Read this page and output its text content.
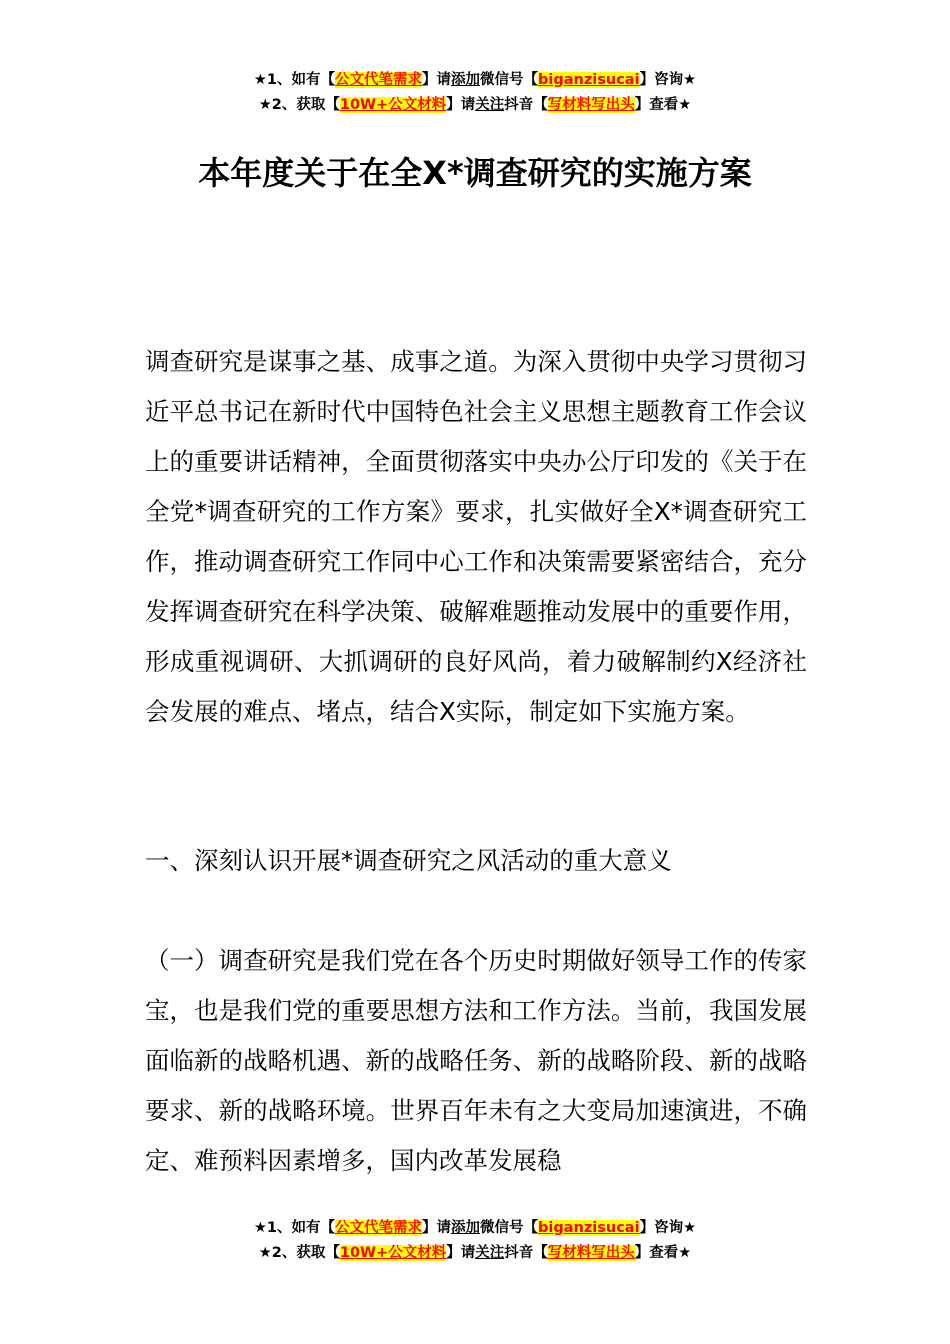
★1、如有【公文代笔需求】请添加微信号【biganzisucai】咨询★
★2、获取【10W+公文材料】请关注抖音【写材料写出头】查看★
本年度关于在全X*调查研究的实施方案

调查研究是谋事之基、成事之道。为深入贯彻中央学习贯彻习近平总书记在新时代中国特色社会主义思想主题教育工作会议上的重要讲话精神，全面贯彻落实中央办公厅印发的《关于在全党*调查研究的工作方案》要求，扎实做好全X*调查研究工作，推动调查研究工作同中心工作和决策需要紧密结合，充分发挥调查研究在科学决策、破解难题推动发展中的重要作用，形成重视调研、大抓调研的良好风尚，着力破解制约X经济社会发展的难点、堵点，结合X实际，制定如下实施方案。

一、深刻认识开展*调查研究之风活动的重大意义

（一）调查研究是我们党在各个历史时期做好领导工作的传家宝，也是我们党的重要思想方法和工作方法。当前，我国发展面临新的战略机遇、新的战略任务、新的战略阶段、新的战略要求、新的战略环境。世界百年未有之大变局加速演进，不确定、难预料因素增多，国内改革发展稳

★1、如有【公文代笔需求】请添加微信号【biganzisucai】咨询★
★2、获取【10W+公文材料】请关注抖音【写材料写出头】查看★
